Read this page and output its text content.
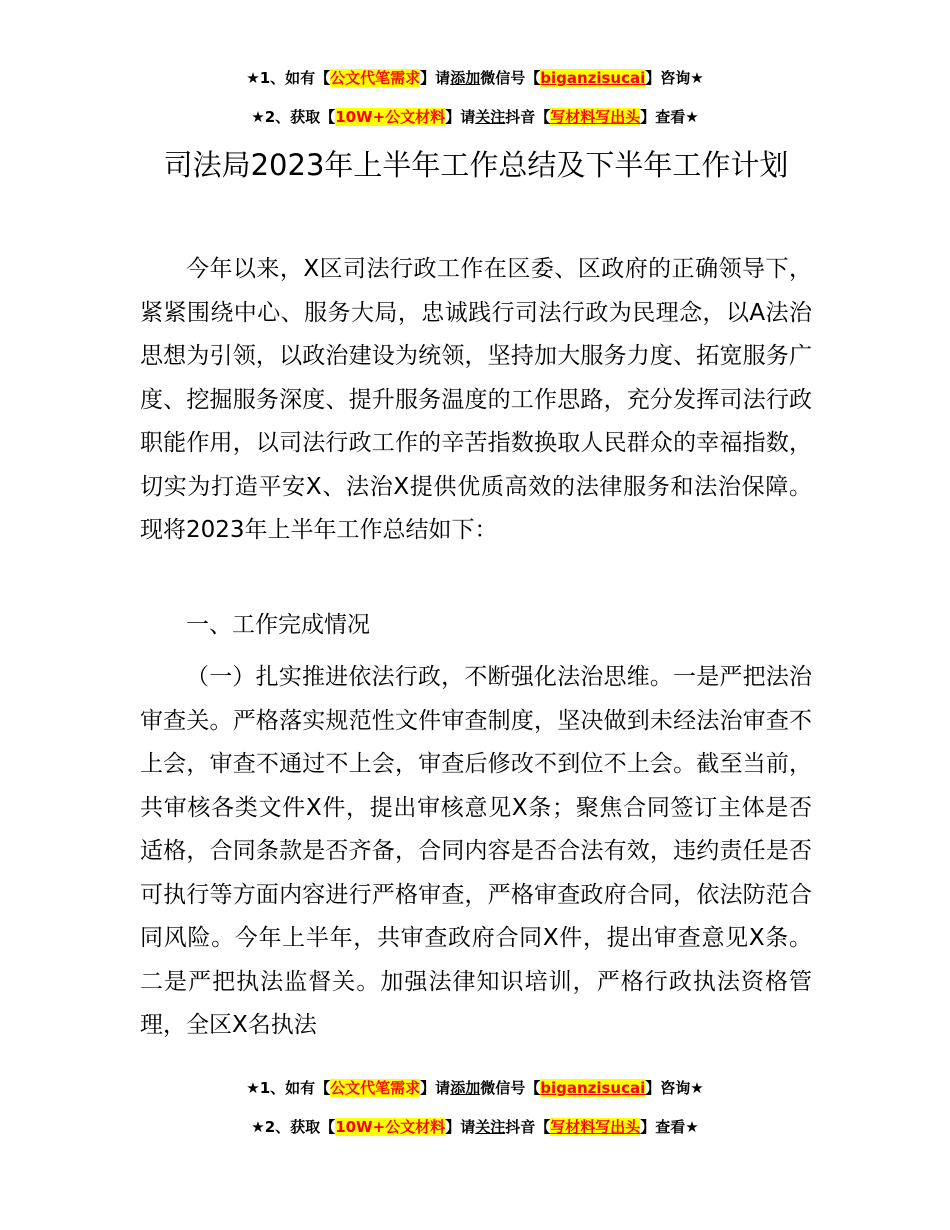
★1、如有【公文代笔需求】请添加微信号【biganzisucai】咨询★
★2、获取【10W+公文材料】请关注抖音【写材料写出头】查看★
司法局2023年上半年工作总结及下半年工作计划
今年以来，X区司法行政工作在区委、区政府的正确领导下，紧紧围绕中心、服务大局，忠诚践行司法行政为民理念，以A法治思想为引领，以政治建设为统领，坚持加大服务力度、拓宽服务广度、挖掘服务深度、提升服务温度的工作思路，充分发挥司法行政职能作用，以司法行政工作的辛苦指数换取人民群众的幸福指数，切实为打造平安X、法治X提供优质高效的法律服务和法治保障。现将2023年上半年工作总结如下：
一、工作完成情况
（一）扎实推进依法行政，不断强化法治思维。一是严把法治审查关。严格落实规范性文件审查制度，坚决做到未经法治审查不上会，审查不通过不上会，审查后修改不到位不上会。截至当前，共审核各类文件X件，提出审核意见X条；聚焦合同签订主体是否适格，合同条款是否齐备，合同内容是否合法有效，违约责任是否可执行等方面内容进行严格审查，严格审查政府合同，依法防范合同风险。今年上半年，共审查政府合同X件，提出审查意见X条。二是严把执法监督关。加强法律知识培训，严格行政执法资格管理，全区X名执法
★1、如有【公文代笔需求】请添加微信号【biganzisucai】咨询★
★2、获取【10W+公文材料】请关注抖音【写材料写出头】查看★
